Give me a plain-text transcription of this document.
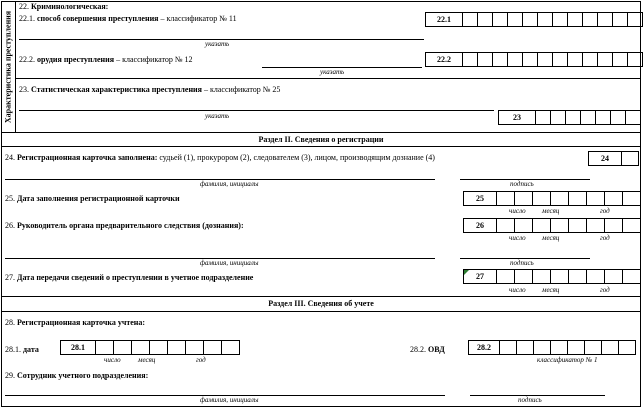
Характеристика преступления
22. Криминологическая:
22.1. способ совершения преступления – классификатор № 11	22.1
указать
22.2. орудия преступления – классификатор № 12	22.2
указать
23. Статистическая характеристика преступления – классификатор № 25
указать	23
Раздел II. Сведения о регистрации
24. Регистрационная карточка заполнена: судьей (1), прокурором (2), следователем (3), лицом, производящим дознание (4)	24
фамилия, инициалы	подпись
25. Дата заполнения регистрационной карточки	25
число месяц	год
26. Руководитель органа предварительного следствия (дознания):	26
число месяц	год
фамилия, инициалы	подпись
27. Дата передачи сведений о преступлении в учетное подразделение	27
число месяц	год
Раздел III. Сведения об учете
28. Регистрационная карточка учтена:
28.1. дата	28.1
число месяц	год
28.2. ОВД	28.2
классификатор № 1
29. Сотрудник учетного подразделения:
фамилия, инициалы	подпись
